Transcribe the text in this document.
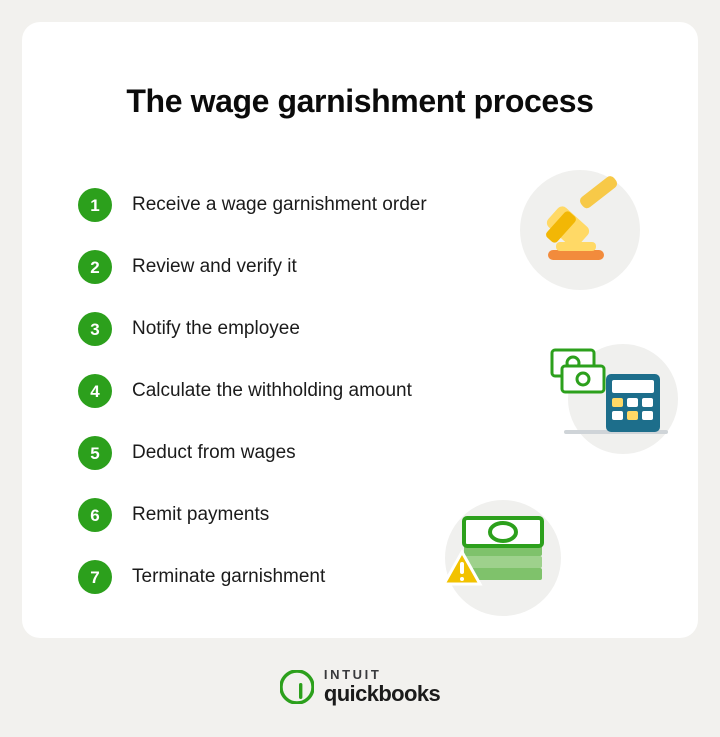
The wage garnishment process
1	Receive a wage garnishment order
2	Review and verify it
3	Notify the employee
4	Calculate the withholding amount
5	Deduct from wages
6	Remit payments
7	Terminate garnishment
INTUIT
quickbooks
